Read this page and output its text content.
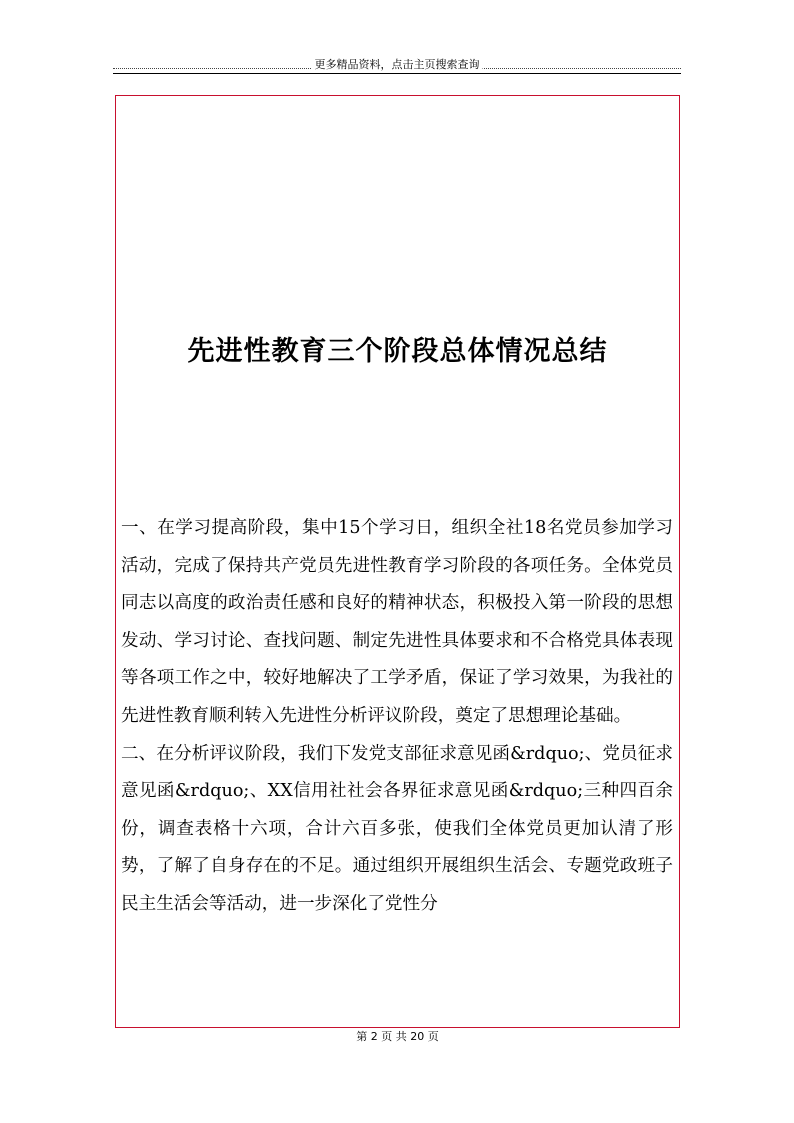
更多精品资料，点击主页搜索查询
先进性教育三个阶段总体情况总结

一、在学习提高阶段，集中15个学习日，组织全社18名党员参加学习活动，完成了保持共产党员先进性教育学习阶段的各项任务。全体党员同志以高度的政治责任感和良好的精神状态，积极投入第一阶段的思想发动、学习讨论、查找问题、制定先进性具体要求和不合格党具体表现等各项工作之中，较好地解决了工学矛盾，保证了学习效果，为我社的先进性教育顺利转入先进性分析评议阶段，奠定了思想理论基础。

二、在分析评议阶段，我们下发党支部征求意见函&rdquo;、党员征求意见函&rdquo;、XX信用社社会各界征求意见函&rdquo;三种四百余份，调查表格十六项，合计六百多张，使我们全体党员更加认清了形势，了解了自身存在的不足。通过组织开展组织生活会、专题党政班子民主生活会等活动，进一步深化了党性分

第 2 页 共 20 页
